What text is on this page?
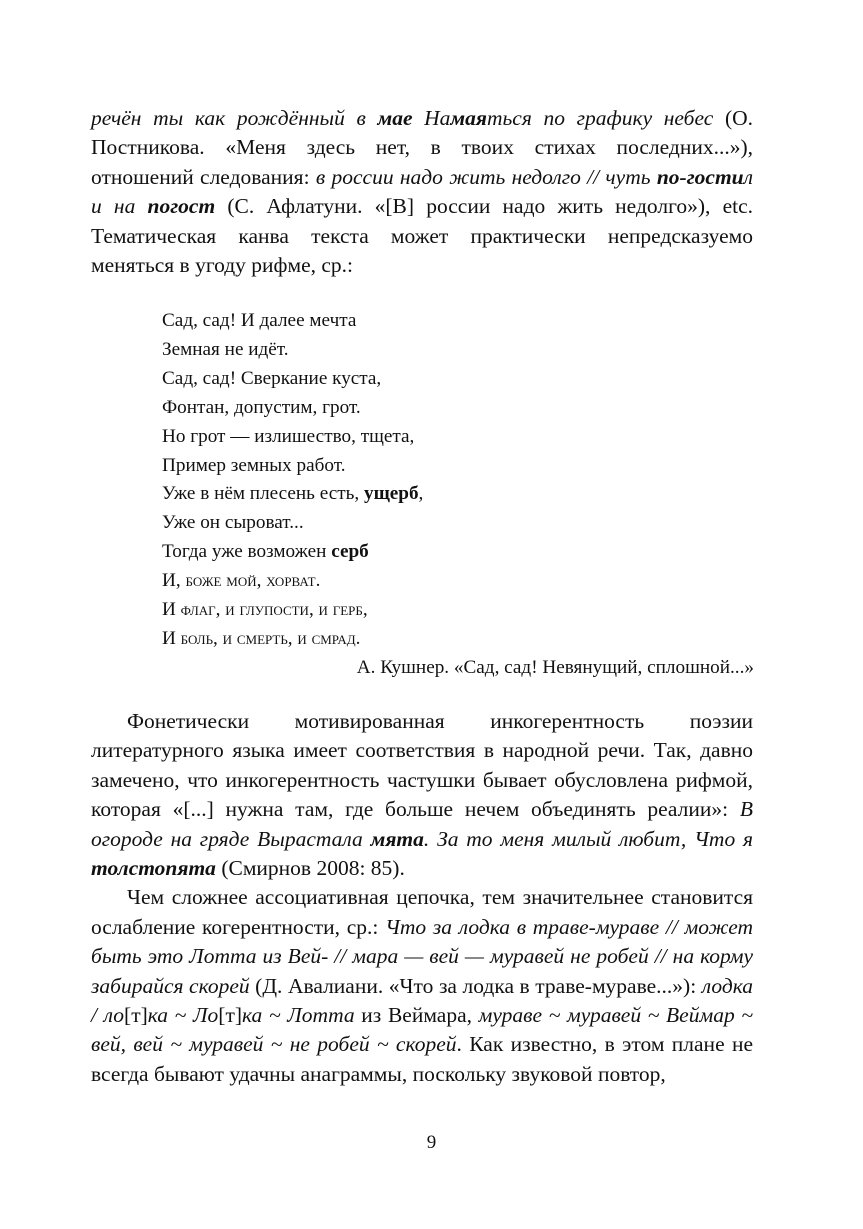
речён ты как рождённый в мае Намаяться по графику небес (О. Постникова. «Меня здесь нет, в твоих стихах последних...»), отношений следования: в россии надо жить недолго // чуть по-гостил и на погост (С. Афлатуни. «[В] россии надо жить недолго»), etc. Тематическая канва текста может практически непредсказуемо меняться в угоду рифме, ср.:

Сад, сад! И далее мечта
Земная не идёт.
Сад, сад! Сверкание куста,
Фонтан, допустим, грот.
Но грот — излишество, тщета,
Пример земных работ.
Уже в нём плесень есть, ущерб,
Уже он сыроват...
Тогда уже возможен серб
И, боже мой, хорват.
И флаг, и глупости, и герб,
И боль, и смерть, и смрад.
А. Кушнер. «Сад, сад! Невянущий, сплошной...»

Фонетически мотивированная инкогерентность поэзии литературного языка имеет соответствия в народной речи. Так, давно замечено, что инкогерентность частушки бывает обусловлена рифмой, которая «[...] нужна там, где больше нечем объединять реалии»: В огороде на гряде Вырастала мята. За то меня милый любит, Что я толстопята (Смирнов 2008: 85).

Чем сложнее ассоциативная цепочка, тем значительнее становится ослабление когерентности, ср.: Что за лодка в траве-мураве // может быть это Лотта из Вей- // мара — вей — муравей не робей // на корму забирайся скорей (Д. Авалиани. «Что за лодка в траве-мураве...»): лодка / ло[т]ка ~ Ло[т]ка ~ Лотта из Веймара, мураве ~ муравей ~ Веймар ~ вей, вей ~ муравей ~ не робей ~ скорей. Как известно, в этом плане не всегда бывают удачны анаграммы, поскольку звуковой повтор,

9
